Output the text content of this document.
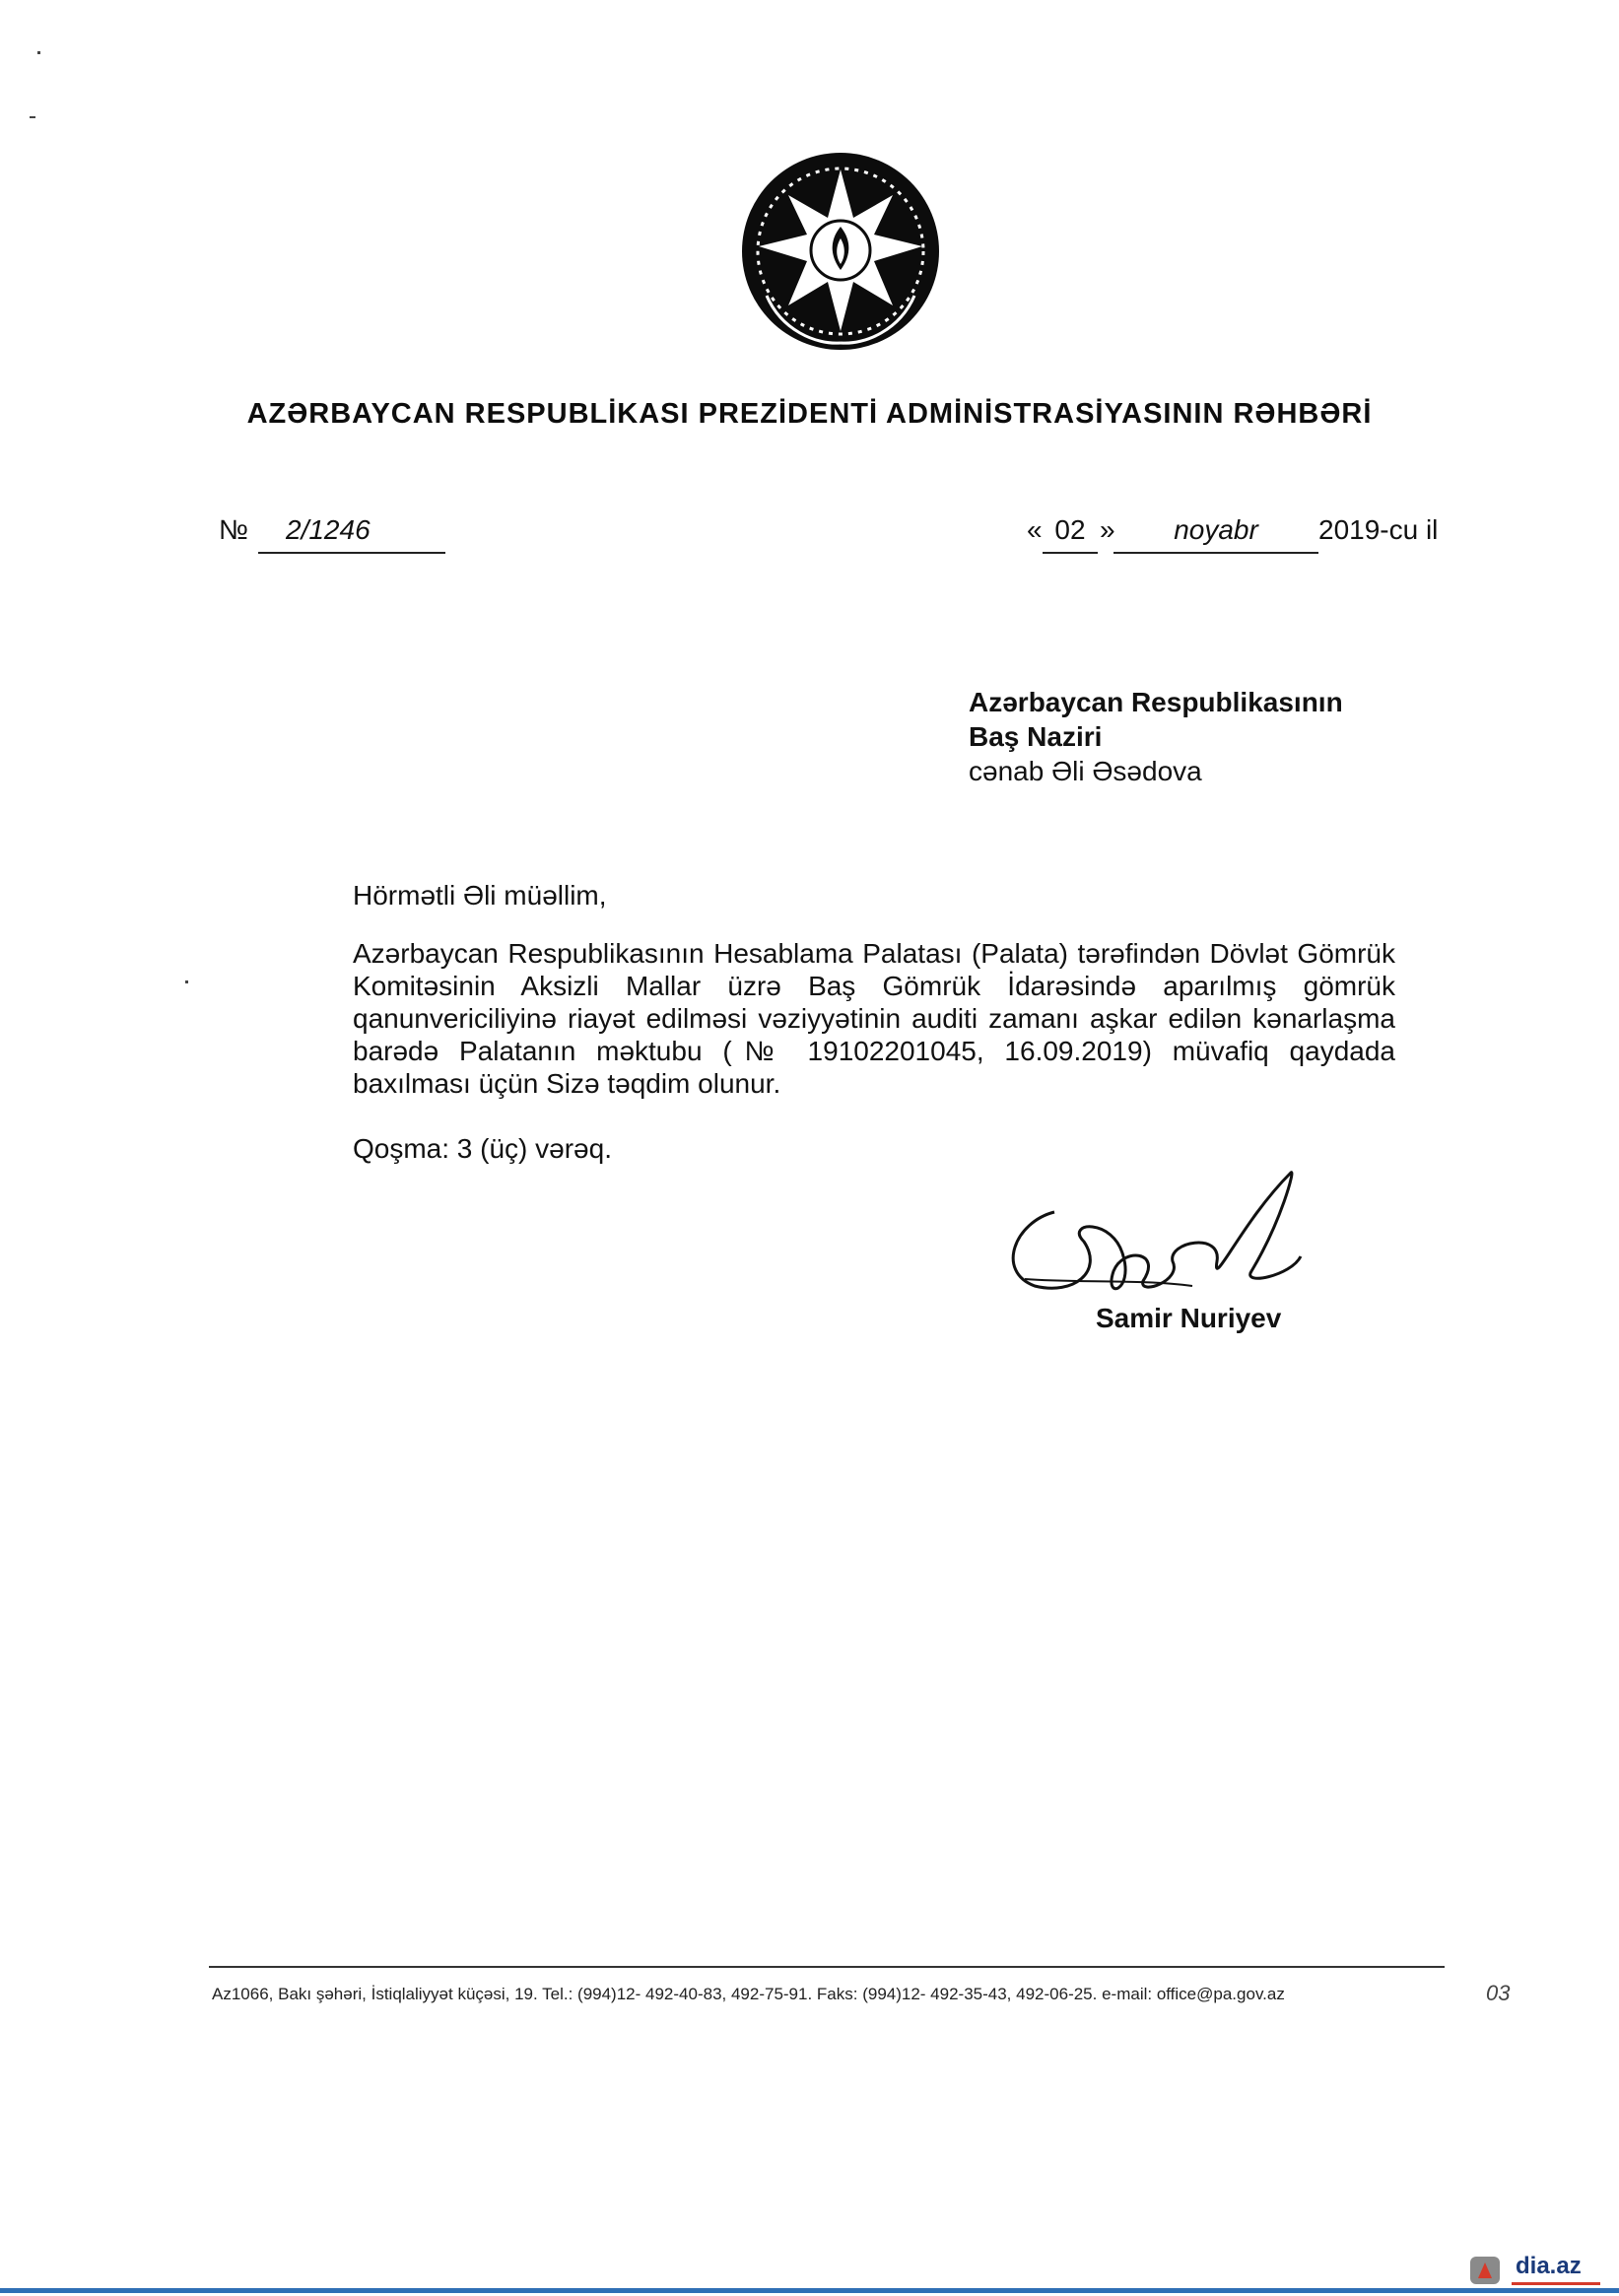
AZƏRBAYCAN RESPUBLİKASI PREZİDENTİ ADMİNİSTRASİYASININ RƏHBƏRİ
№	2/1246	« 02 »	noyabr	2019-cu il
Azərbaycan Respublikasının
Baş Naziri
cənab Əli Əsədova
Hörmətli Əli müəllim,

Azərbaycan Respublikasının Hesablama Palatası (Palata) tərəfindən Dövlət Gömrük Komitəsinin Aksizli Mallar üzrə Baş Gömrük İdarəsində aparılmış gömrük qanunvericiliyinə riayət edilməsi vəziyyətinin auditi zamanı aşkar edilən kənarlaşma barədə Palatanın məktubu (№ 19102201045, 16.09.2019) müvafiq qaydada baxılması üçün Sizə təqdim olunur.

Qoşma: 3 (üç) vərəq.
Samir Nuriyev
Az1066, Bakı şəhəri, İstiqlaliyyət küçəsi, 19. Tel.: (994)12- 492-40-83, 492-75-91. Faks: (994)12- 492-35-43, 492-06-25. e-mail: office@pa.gov.az	03
dia.az
